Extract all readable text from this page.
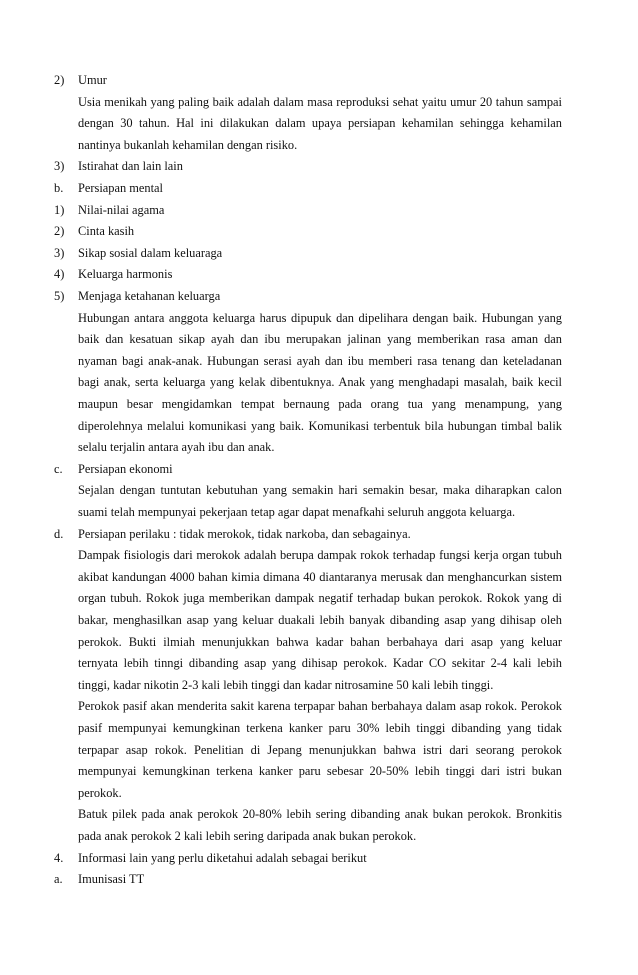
2) Umur
Usia menikah yang paling baik adalah dalam masa reproduksi sehat yaitu umur 20 tahun sampai
dengan 30 tahun. Hal ini dilakukan dalam upaya persiapan kehamilan sehingga kehamilan
nantinya bukanlah kehamilan dengan risiko.
3) Istirahat dan lain lain
b. Persiapan mental
1) Nilai-nilai agama
2) Cinta kasih
3) Sikap sosial dalam keluaraga
4) Keluarga harmonis
5) Menjaga ketahanan keluarga
Hubungan antara anggota keluarga harus dipupuk dan dipelihara dengan baik. Hubungan yang
baik dan kesatuan sikap ayah dan ibu merupakan jalinan yang memberikan rasa aman dan
nyaman bagi anak-anak. Hubungan serasi ayah dan ibu memberi rasa tenang dan keteladanan
bagi anak, serta keluarga yang kelak dibentuknya. Anak yang menghadapi masalah, baik kecil
maupun besar mengidamkan tempat bernaung pada orang tua yang menampung, yang
diperolehnya melalui komunikasi yang baik. Komunikasi terbentuk bila hubungan timbal balik
selalu terjalin antara ayah ibu dan anak.
c. Persiapan ekonomi
Sejalan dengan tuntutan kebutuhan yang semakin hari semakin besar, maka diharapkan calon
suami telah mempunyai pekerjaan tetap agar dapat menafkahi seluruh anggota keluarga.
d. Persiapan perilaku : tidak merokok, tidak narkoba, dan sebagainya.
Dampak fisiologis dari merokok adalah berupa dampak rokok terhadap fungsi kerja organ tubuh
akibat kandungan 4000 bahan kimia dimana 40 diantaranya merusak dan menghancurkan sistem
organ tubuh. Rokok juga memberikan dampak negatif terhadap bukan perokok. Rokok yang di
bakar, menghasilkan asap yang keluar duakali lebih banyak dibanding asap yang dihisap oleh
perokok. Bukti ilmiah menunjukkan bahwa kadar bahan berbahaya dari asap yang keluar
ternyata lebih tinngi dibanding asap yang dihisap perokok. Kadar CO sekitar 2-4 kali lebih
tinggi, kadar nikotin 2-3 kali lebih tinggi dan kadar nitrosamine 50 kali lebih tinggi.
Perokok pasif akan menderita sakit karena terpapar bahan berbahaya dalam asap rokok. Perokok
pasif mempunyai kemungkinan terkena kanker paru 30% lebih tinggi dibanding yang tidak
terpapar asap rokok. Penelitian di Jepang menunjukkan bahwa istri dari seorang perokok
mempunyai kemungkinan terkena kanker paru sebesar 20-50% lebih tinggi dari istri bukan
perokok.
Batuk pilek pada anak perokok 20-80% lebih sering dibanding anak bukan perokok. Bronkitis
pada anak perokok 2 kali lebih sering daripada anak bukan perokok.
4. Informasi lain yang perlu diketahui adalah sebagai berikut
a. Imunisasi TT
